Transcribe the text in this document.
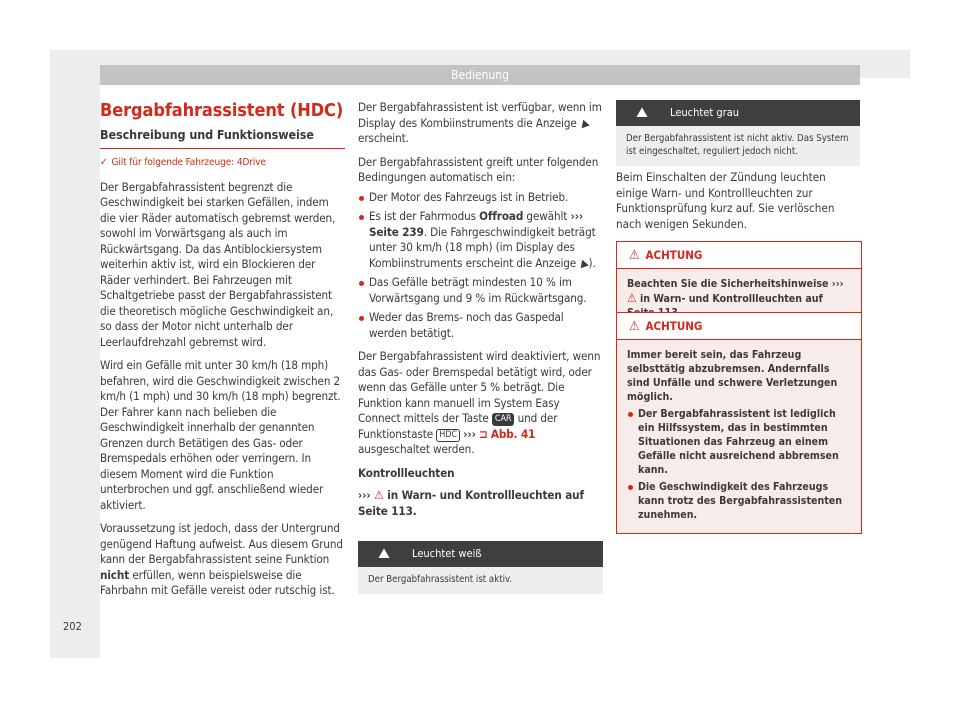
Bedienung
Bergabfahrassistent (HDC)
Beschreibung und Funktionsweise
✓ Gilt für folgende Fahrzeuge: 4Drive

Der Bergabfahrassistent begrenzt die Geschwindigkeit bei starken Gefällen, indem die vier Räder automatisch gebremst werden, sowohl im Vorwärtsgang als auch im Rückwärtsgang. Da das Antiblockiersystem weiterhin aktiv ist, wird ein Blockieren der Räder verhindert. Bei Fahrzeugen mit Schaltgetriebe passt der Bergabfahrassistent die theoretisch mögliche Geschwindigkeit an, so dass der Motor nicht unterhalb der Leerlaufdrehzahl gebremst wird.

Wird ein Gefälle mit unter 30 km/h (18 mph) befahren, wird die Geschwindigkeit zwischen 2 km/h (1 mph) und 30 km/h (18 mph) begrenzt. Der Fahrer kann nach belieben die Geschwindigkeit innerhalb der genannten Grenzen durch Betätigen des Gas- oder Bremspedals erhöhen oder verringern. In diesem Moment wird die Funktion unterbrochen und ggf. anschließend wieder aktiviert.

Voraussetzung ist jedoch, dass der Untergrund genügend Haftung aufweist. Aus diesem Grund kann der Bergabfahrassistent seine Funktion nicht erfüllen, wenn beispielsweise die Fahrbahn mit Gefälle vereist oder rutschig ist.

Der Bergabfahrassistent ist verfügbar, wenn im Display des Kombiinstruments die Anzeige ⛰ erscheint.

Der Bergabfahrassistent greift unter folgenden Bedingungen automatisch ein:

Der Motor des Fahrzeugs ist in Betrieb.
Es ist der Fahrmodus Offroad gewählt ››› Seite 239. Die Fahrgeschwindigkeit beträgt unter 30 km/h (18 mph) (im Display des Kombiinstruments erscheint die Anzeige ⛰).
Das Gefälle beträgt mindesten 10 % im Vorwärtsgang und 9 % im Rückwärtsgang.
Weder das Brems- noch das Gaspedal werden betätigt.

Der Bergabfahrassistent wird deaktiviert, wenn das Gas- oder Bremspedal betätigt wird, oder wenn das Gefälle unter 5 % beträgt. Die Funktion kann manuell im System Easy Connect mittels der Taste CAR und der Funktionstaste HDC ››› ⊐ Abb. 41 ausgeschaltet werden.

Kontrollleuchten

››› ⚠ in Warn- und Kontrollleuchten auf Seite 113.

⛰	Leuchtet weiß
Der Bergabfahrassistent ist aktiv.
⛰	Leuchtet grau
Der Bergabfahrassistent ist nicht aktiv. Das System ist eingeschaltet, reguliert jedoch nicht.
Beim Einschalten der Zündung leuchten einige Warn- und Kontrollleuchten zur Funktionsprüfung kurz auf. Sie verlöschen nach wenigen Sekunden.
⚠ ACHTUNG
Beachten Sie die Sicherheitshinweise ››› ⚠ in Warn- und Kontrollleuchten auf
⚠ ACHTUNG
Immer bereit sein, das Fahrzeug selbsttätig abzubremsen. Andernfalls sind Unfälle und schwere Verletzungen möglich.
Der Bergabfahrassistent ist lediglich ein Hilfssystem, das in bestimmten Situationen das Fahrzeug an einem Gefälle nicht ausreichend abbremsen kann.
Die Geschwindigkeit des Fahrzeugs kann trotz des Bergabfahrassistenten zunehmen.
202
